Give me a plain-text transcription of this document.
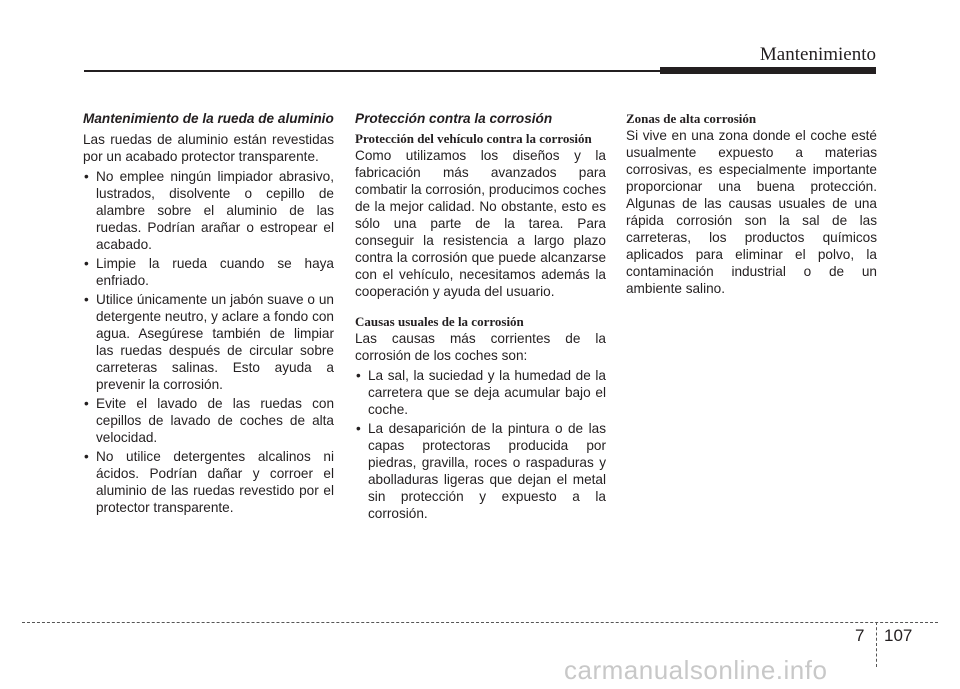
Mantenimiento
Mantenimiento de la rueda de aluminio

Las ruedas de aluminio están revestidas por un acabado protector transparente.

• No emplee ningún limpiador abrasivo, lustrados, disolvente o cepillo de alambre sobre el aluminio de las ruedas. Podrían arañar o estropear el acabado.
• Limpie la rueda cuando se haya enfriado.
• Utilice únicamente un jabón suave o un detergente neutro, y aclare a fondo con agua. Asegúrese también de limpiar las ruedas después de circular sobre carreteras salinas. Esto ayuda a prevenir la corrosión.
• Evite el lavado de las ruedas con cepillos de lavado de coches de alta velocidad.
• No utilice detergentes alcalinos ni ácidos. Podrían dañar y corroer el aluminio de las ruedas revestido por el protector transparente.
Protección contra la corrosión
Protección del vehículo contra la corrosión

Como utilizamos los diseños y la fabricación más avanzados para combatir la corrosión, producimos coches de la mejor calidad. No obstante, esto es sólo una parte de la tarea. Para conseguir la resistencia a largo plazo contra la corrosión que puede alcanzarse con el vehículo, necesitamos además la cooperación y ayuda del usuario.

Causas usuales de la corrosión

Las causas más corrientes de la corrosión de los coches son:

• La sal, la suciedad y la humedad de la carretera que se deja acumular bajo el coche.
• La desaparición de la pintura o de las capas protectoras producida por piedras, gravilla, roces o raspaduras y abolladuras ligeras que dejan el metal sin protección y expuesto a la corrosión.
Zonas de alta corrosión

Si vive en una zona donde el coche esté usualmente expuesto a materias corrosivas, es especialmente importante proporcionar una buena protección. Algunas de las causas usuales de una rápida corrosión son la sal de las carreteras, los productos químicos aplicados para eliminar el polvo, la contaminación industrial o de un ambiente salino.

7 107
carmanualsonline.info
